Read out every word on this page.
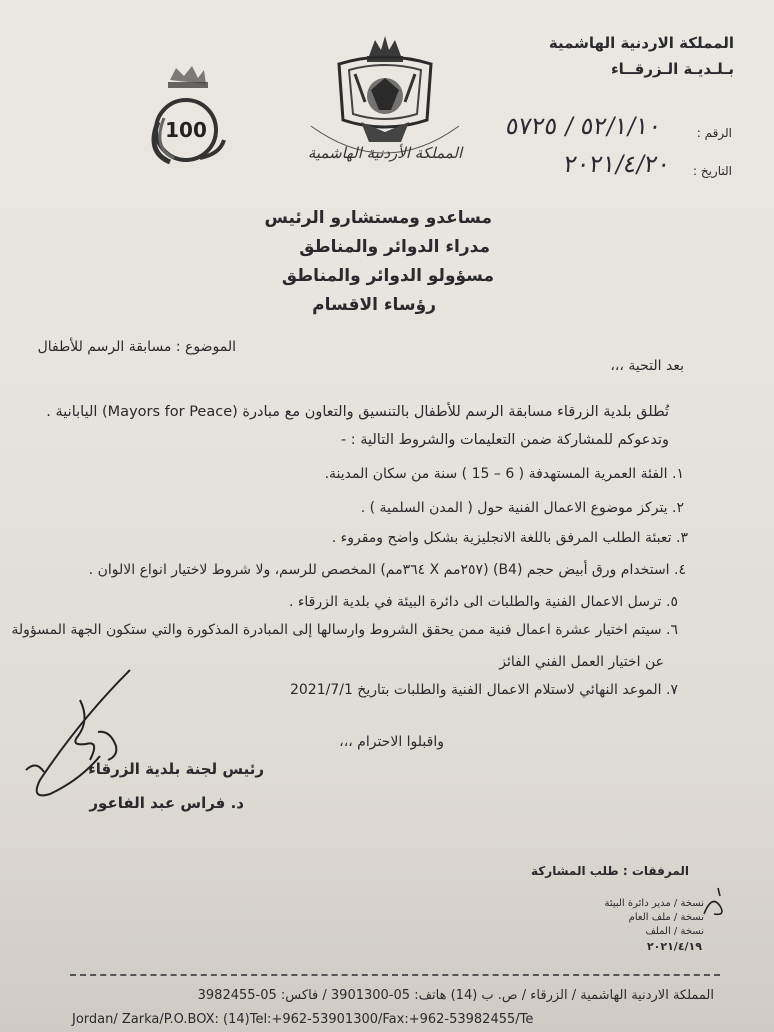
المملكة الاردنية الهاشمية
بـلـديـة الـزرقــاء
100
المملكة الأردنية الهاشمية
الرقم :
٥٢/١/١٠ / ٥٧٢٥
التاريخ :
٢٠٢١/٤/٢٠
مساعدو ومستشارو الرئيس
مدراء الدوائر والمناطق
مسؤولو الدوائر والمناطق
رؤساء الاقسام
الموضوع : مسابقة الرسم للأطفال
بعد التحية ،،،
تُطلق بلدية الزرقاء مسابقة الرسم للأطفال بالتنسيق والتعاون مع مبادرة (Mayors for Peace) اليابانية .
وتدعوكم للمشاركة ضمن التعليمات والشروط التالية : -
١. الفئة العمرية المستهدفة ( 6 – 15 ) سنة من سكان المدينة.
٢. يتركز موضوع الاعمال الفنية حول ( المدن السلمية ) .
٣. تعبئة الطلب المرفق باللغة الانجليزية بشكل واضح ومقروء .
٤. استخدام ورق أبيض حجم (B4) (٢٥٧مم X ٣٦٤مم) المخصص للرسم، ولا شروط لاختيار انواع الالوان .
٥. ترسل الاعمال الفنية والطلبات الى دائرة البيئة في بلدية الزرقاء .
٦. سيتم اختيار عشرة اعمال فنية ممن يحقق الشروط وارسالها إلى المبادرة المذكورة والتي ستكون الجهة المسؤولة
عن اختيار العمل الفني الفائز
٧. الموعد النهائي لاستلام الاعمال الفنية والطلبات بتاريخ 2021/7/1
واقبلوا الاحترام ،،،
رئيس لجنة بلدية الزرقاء
د. فراس عبد الفاعور
المرفقات : طلب المشاركة
نسخة / مدير دائرة البيئة
نسخة / ملف العام
نسخة / الملف
٢٠٢١/٤/١٩
المملكة الاردنية الهاشمية / الزرقاء / ص. ب (14) هاتف: 05-3901300 / فاكس: 05-3982455
Jordan/ Zarka/P.O.BOX: (14)Tel:+962-53901300/Fax:+962-53982455/Te
